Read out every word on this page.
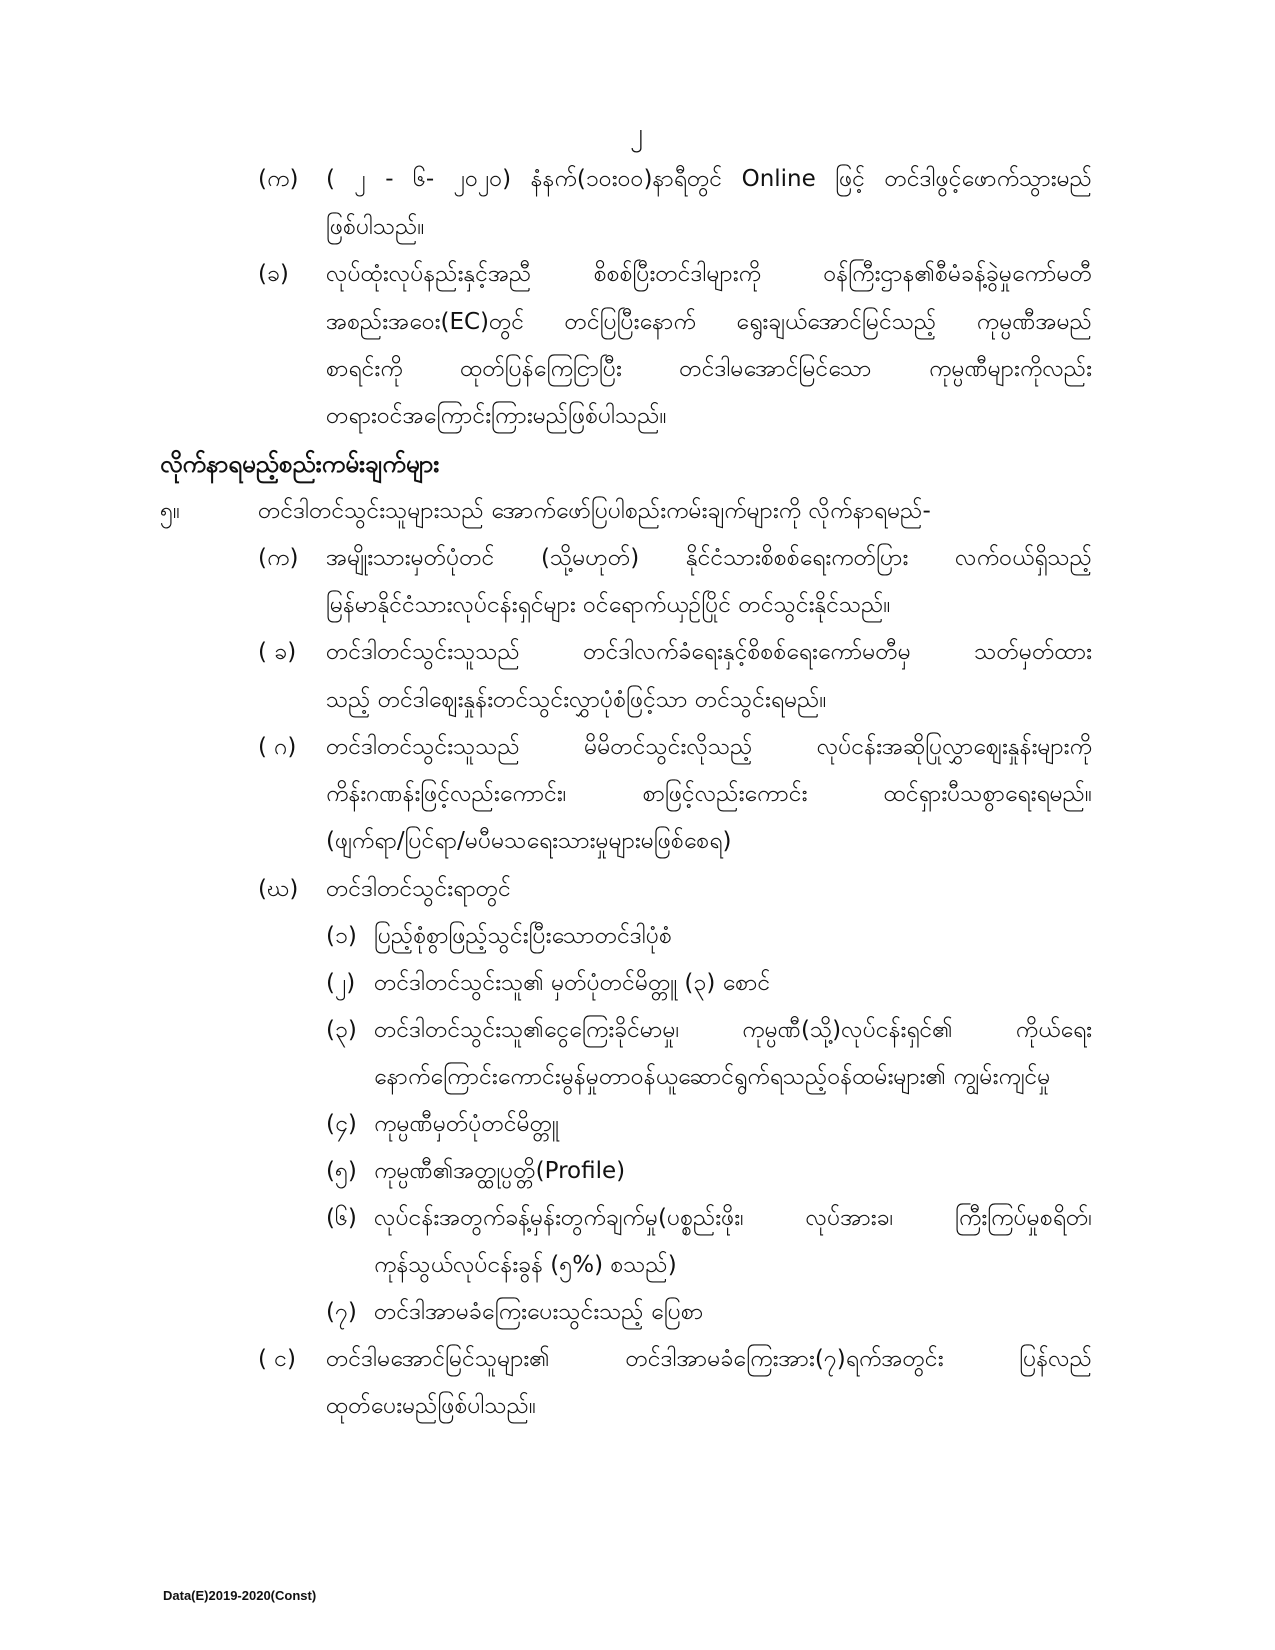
၂
(က) ( ၂ - ၆- ၂၀၂၀) နံနက်(၁၀း၀၀)နာရီတွင် Online ဖြင့် တင်ဒါဖွင့်ဖောက်သွားမည်
ဖြစ်ပါသည်။
(ခ) လုပ်ထုံးလုပ်နည်းနှင့်အညီ စိစစ်ပြီးတင်ဒါများကို ဝန်ကြီးဌာန၏စီမံခန့်ခွဲမှုကော်မတီ
အစည်းအဝေး(EC)တွင် တင်ပြပြီးနောက် ရွေးချယ်အောင်မြင်သည့် ကုမ္ပဏီအမည်
စာရင်းကို ထုတ်ပြန်ကြေငြာပြီး တင်ဒါမအောင်မြင်သော ကုမ္ပဏီများကိုလည်း
တရားဝင်အကြောင်းကြားမည်ဖြစ်ပါသည်။
လိုက်နာရမည့်စည်းကမ်းချက်များ
၅။	တင်ဒါတင်သွင်းသူများသည် အောက်ဖော်ပြပါစည်းကမ်းချက်များကို လိုက်နာရမည်-
(က) အမျိုးသားမှတ်ပုံတင် (သို့မဟုတ်) နိုင်ငံသားစိစစ်ရေးကတ်ပြား လက်ဝယ်ရှိသည့်
မြန်မာနိုင်ငံသားလုပ်ငန်းရှင်များ ဝင်ရောက်ယှဉ်ပြိုင် တင်သွင်းနိုင်သည်။
( ခ) တင်ဒါတင်သွင်းသူသည် တင်ဒါလက်ခံရေးနှင့်စိစစ်ရေးကော်မတီမှ သတ်မှတ်ထား
သည့် တင်ဒါဈေးနှုန်းတင်သွင်းလွှာပုံစံဖြင့်သာ တင်သွင်းရမည်။
( ဂ) တင်ဒါတင်သွင်းသူသည် မိမိတင်သွင်းလိုသည့် လုပ်ငန်းအဆိုပြုလွှာဈေးနှုန်းများကို
ကိန်းဂဏန်းဖြင့်လည်းကောင်း၊ စာဖြင့်လည်းကောင်း ထင်ရှားပီသစွာရေးရမည်။
(ဖျက်ရာ/ပြင်ရာ/မပီမသရေးသားမှုများမဖြစ်စေရ)
(ဃ) တင်ဒါတင်သွင်းရာတွင်
(၁) ပြည့်စုံစွာဖြည့်သွင်းပြီးသောတင်ဒါပုံစံ
(၂) တင်ဒါတင်သွင်းသူ၏ မှတ်ပုံတင်မိတ္တူ (၃) စောင်
(၃) တင်ဒါတင်သွင်းသူ၏ငွေကြေးခိုင်မာမှု၊ ကုမ္ပဏီ(သို့)လုပ်ငန်းရှင်၏ ကိုယ်ရေး
နောက်ကြောင်းကောင်းမွန်မှုတာဝန်ယူဆောင်ရွက်ရသည့်ဝန်ထမ်းများ၏ ကျွမ်းကျင်မှု
(၄) ကုမ္ပဏီမှတ်ပုံတင်မိတ္တူ
(၅) ကုမ္ပဏီ၏အတ္ထုပ္ပတ္တိ(Profile)
(၆) လုပ်ငန်းအတွက်ခန့်မှန်းတွက်ချက်မှု(ပစ္စည်းဖိုး၊ လုပ်အားခ၊ ကြီးကြပ်မှုစရိတ်၊
ကုန်သွယ်လုပ်ငန်းခွန် (၅%) စသည်)
(၇) တင်ဒါအာမခံကြေးပေးသွင်းသည့် ပြေစာ
( င) တင်ဒါမအောင်မြင်သူများ၏ တင်ဒါအာမခံကြေးအား(၇)ရက်အတွင်း ပြန်လည်
ထုတ်ပေးမည်ဖြစ်ပါသည်။
Data(E)2019-2020(Const)
